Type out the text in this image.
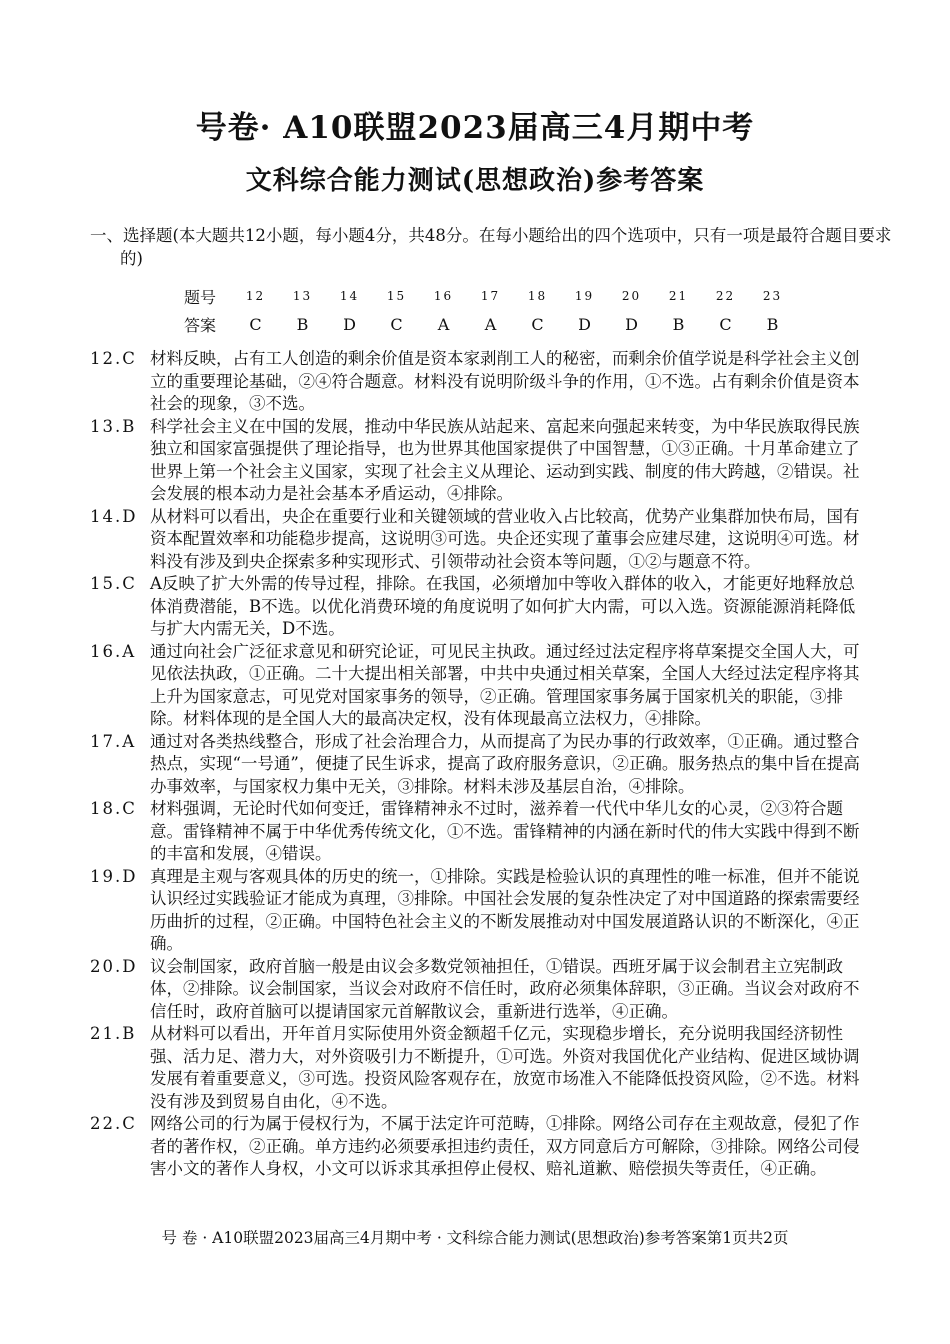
号卷· A10联盟2023届高三4月期中考
文科综合能力测试(思想政治)参考答案
一、选择题(本大题共12小题，每小题4分，共48分。在每小题给出的四个选项中，只有一项是最符合题目要求的)
题号	12	13	14	15	16	17	18	19	20	21	22	23
答案	C	B	D	C	A	A	C	D	D	B	C	B
12.C 材料反映，占有工人创造的剩余价值是资本家剥削工人的秘密，而剩余价值学说是科学社会主义创立的重要理论基础，②④符合题意。材料没有说明阶级斗争的作用，①不选。占有剩余价值是资本社会的现象，③不选。
13.B 科学社会主义在中国的发展，推动中华民族从站起来、富起来向强起来转变，为中华民族取得民族独立和国家富强提供了理论指导，也为世界其他国家提供了中国智慧，①③正确。十月革命建立了世界上第一个社会主义国家，实现了社会主义从理论、运动到实践、制度的伟大跨越，②错误。社会发展的根本动力是社会基本矛盾运动，④排除。
14.D 从材料可以看出，央企在重要行业和关键领域的营业收入占比较高，优势产业集群加快布局，国有资本配置效率和功能稳步提高，这说明③可选。央企还实现了董事会应建尽建，这说明④可选。材料没有涉及到央企探索多种实现形式、引领带动社会资本等问题，①②与题意不符。
15.C A反映了扩大外需的传导过程，排除。在我国，必须增加中等收入群体的收入，才能更好地释放总体消费潜能，B不选。以优化消费环境的角度说明了如何扩大内需，可以入选。资源能源消耗降低与扩大内需无关，D不选。
16.A 通过向社会广泛征求意见和研究论证，可见民主执政。通过经过法定程序将草案提交全国人大，可见依法执政，①正确。二十大提出相关部署，中共中央通过相关草案，全国人大经过法定程序将其上升为国家意志，可见党对国家事务的领导，②正确。管理国家事务属于国家机关的职能，③排除。材料体现的是全国人大的最高决定权，没有体现最高立法权力，④排除。
17.A 通过对各类热线整合，形成了社会治理合力，从而提高了为民办事的行政效率，①正确。通过整合热点，实现“一号通”，便捷了民生诉求，提高了政府服务意识，②正确。服务热点的集中旨在提高办事效率，与国家权力集中无关，③排除。材料未涉及基层自治，④排除。
18.C 材料强调，无论时代如何变迁，雷锋精神永不过时，滋养着一代代中华儿女的心灵，②③符合题意。雷锋精神不属于中华优秀传统文化，①不选。雷锋精神的内涵在新时代的伟大实践中得到不断的丰富和发展，④错误。
19.D 真理是主观与客观具体的历史的统一，①排除。实践是检验认识的真理性的唯一标准，但并不能说认识经过实践验证才能成为真理，③排除。中国社会发展的复杂性决定了对中国道路的探索需要经历曲折的过程，②正确。中国特色社会主义的不断发展推动对中国发展道路认识的不断深化，④正确。
20.D 议会制国家，政府首脑一般是由议会多数党领袖担任，①错误。西班牙属于议会制君主立宪制政体，②排除。议会制国家，当议会对政府不信任时，政府必须集体辞职，③正确。当议会对政府不信任时，政府首脑可以提请国家元首解散议会，重新进行选举，④正确。
21.B 从材料可以看出，开年首月实际使用外资金额超千亿元，实现稳步增长，充分说明我国经济韧性强、活力足、潜力大，对外资吸引力不断提升，①可选。外资对我国优化产业结构、促进区域协调发展有着重要意义，③可选。投资风险客观存在，放宽市场准入不能降低投资风险，②不选。材料没有涉及到贸易自由化，④不选。
22.C 网络公司的行为属于侵权行为，不属于法定许可范畴，①排除。网络公司存在主观故意，侵犯了作者的著作权，②正确。单方违约必须要承担违约责任，双方同意后方可解除，③排除。网络公司侵害小文的著作人身权，小文可以诉求其承担停止侵权、赔礼道歉、赔偿损失等责任，④正确。
号 卷 · A10联盟2023届高三4月期中考 · 文科综合能力测试(思想政治)参考答案第1页共2页
